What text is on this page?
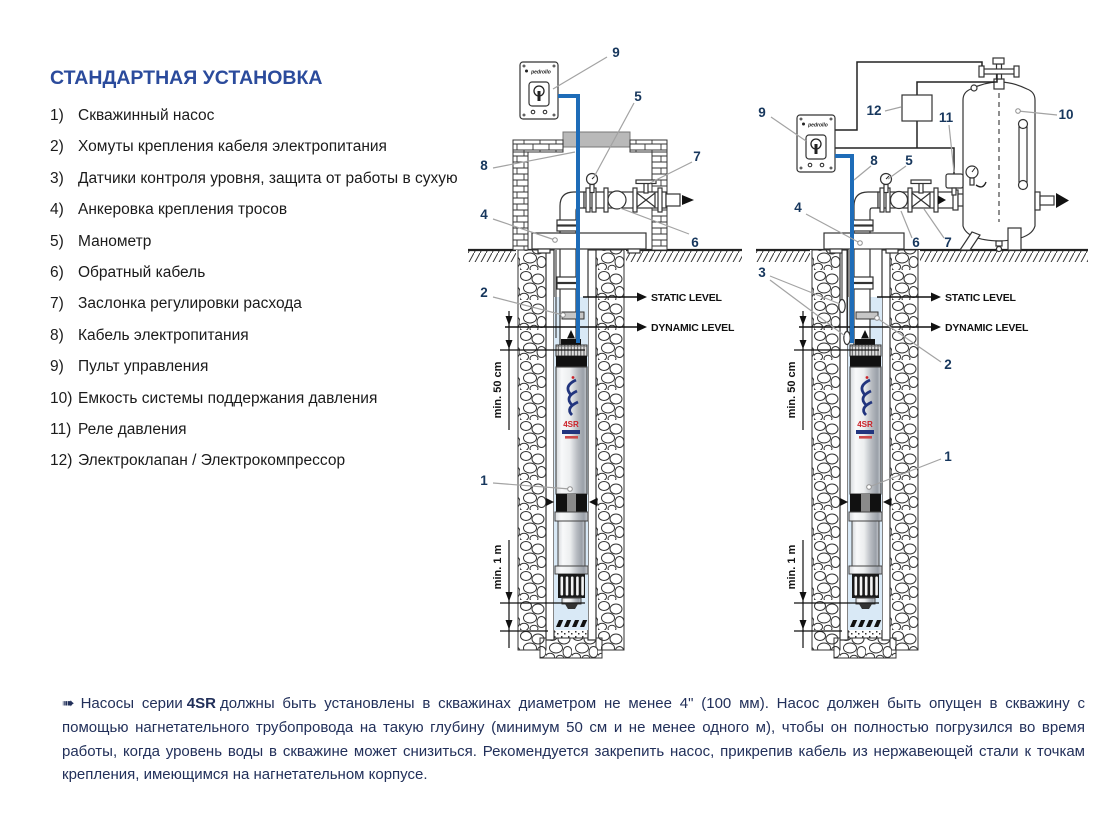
СТАНДАРТНАЯ УСТАНОВКА
1) Скважинный насос
2) Хомуты крепления кабеля электропитания
3) Датчики контроля уровня, защита от работы в сухую
4) Анкеровка крепления тросов
5) Манометр
6) Обратный кабель
7) Заслонка регулировки расхода
8) Кабель электропитания
9) Пульт управления
10) Емкость системы поддержания давления
11) Реле давления
12) Электроклапан / Электрокомпрессор
4SR
STATIC LEVEL
DYNAMIC LEVEL
min. 50 cm
min. 1 m
pedrollo
9
5
7
6
8
4
2
1
4SR
STATIC LEVEL
DYNAMIC LEVEL
min. 50 cm
min. 1 m
pedrollo
9	12	11	10
8 5
4
6 7
3
2
1

➠ Насосы серии 4SR должны быть установлены в скважинах диаметром не менее 4" (100 мм). Насос должен быть опущен в скважину с помощью нагнетательного трубопровода на такую глубину (минимум 50 см и не менее одного м), чтобы он полностью погрузился во время работы, когда уровень воды в скважине может снизиться. Рекомендуется закрепить насос, прикрепив кабель из нержавеющей стали к точкам крепления, имеющимся на нагнетательном корпусе.
